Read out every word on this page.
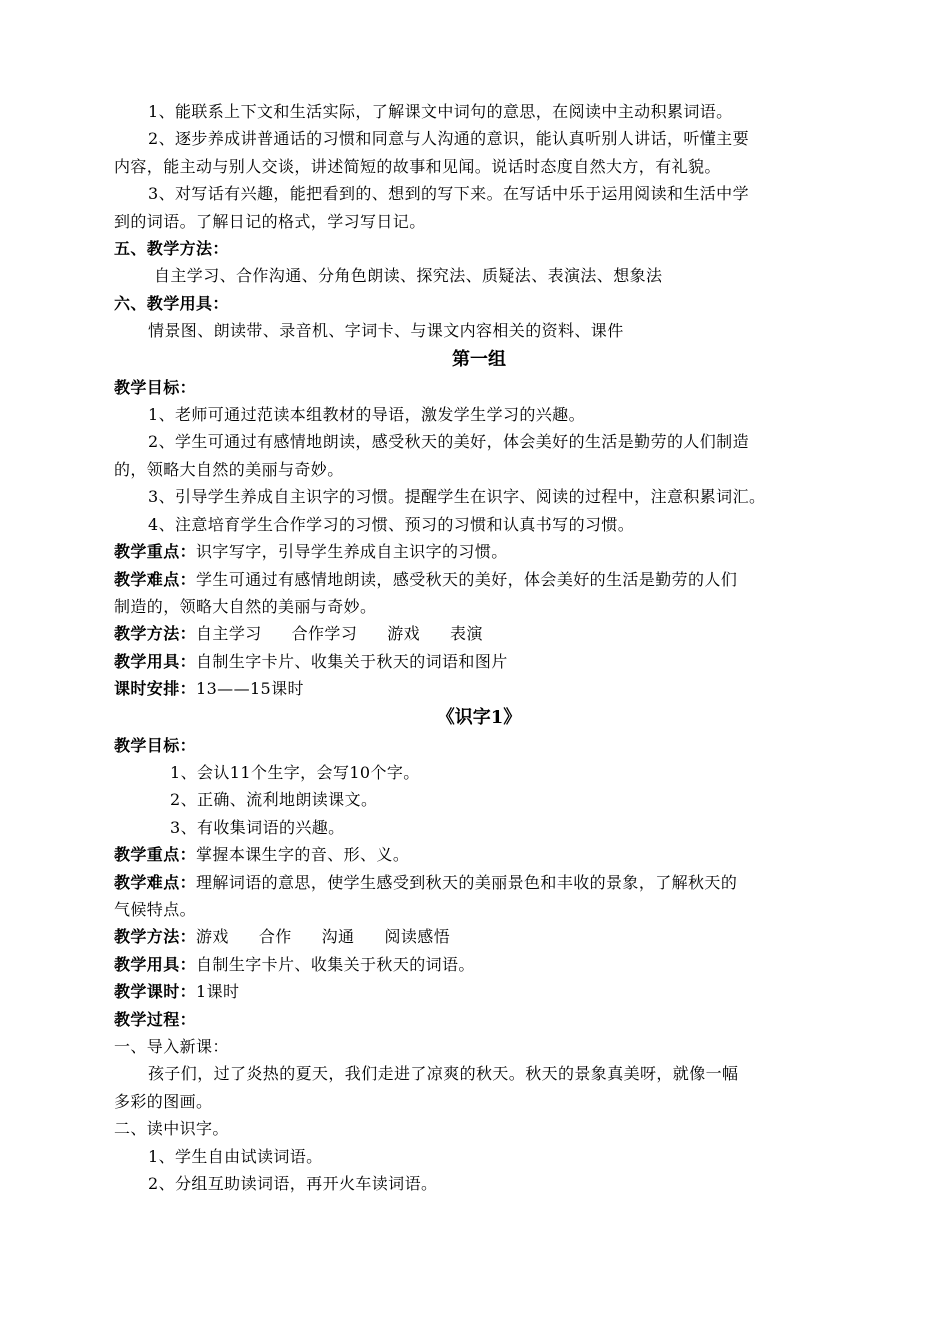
1、能联系上下文和生活实际，了解课文中词句的意思，在阅读中主动积累词语。
2、逐步养成讲普通话的习惯和同意与人沟通的意识，能认真听别人讲话，听懂主要
内容，能主动与别人交谈，讲述简短的故事和见闻。说话时态度自然大方，有礼貌。
3、对写话有兴趣，能把看到的、想到的写下来。在写话中乐于运用阅读和生活中学
到的词语。了解日记的格式，学习写日记。
五、教学方法：
自主学习、合作沟通、分角色朗读、探究法、质疑法、表演法、想象法
六、教学用具：
情景图、朗读带、录音机、字词卡、与课文内容相关的资料、课件
第一组
教学目标：
1、老师可通过范读本组教材的导语，激发学生学习的兴趣。
2、学生可通过有感情地朗读，感受秋天的美好，体会美好的生活是勤劳的人们制造
的，领略大自然的美丽与奇妙。
3、引导学生养成自主识字的习惯。提醒学生在识字、阅读的过程中，注意积累词汇。
4、注意培育学生合作学习的习惯、预习的习惯和认真书写的习惯。
教学重点：识字写字，引导学生养成自主识字的习惯。
教学难点：学生可通过有感情地朗读，感受秋天的美好，体会美好的生活是勤劳的人们
制造的，领略大自然的美丽与奇妙。
教学方法：自主学习 合作学习 游戏 表演
教学用具：自制生字卡片、收集关于秋天的词语和图片
课时安排：13——15课时
《识字1》
教学目标：
1、会认11个生字，会写10个字。
2、正确、流利地朗读课文。
3、有收集词语的兴趣。
教学重点：掌握本课生字的音、形、义。
教学难点：理解词语的意思，使学生感受到秋天的美丽景色和丰收的景象，了解秋天的
气候特点。
教学方法：游戏 合作 沟通 阅读感悟
教学用具：自制生字卡片、收集关于秋天的词语。
教学课时：1课时
教学过程：
一、导入新课：
孩子们，过了炎热的夏天，我们走进了凉爽的秋天。秋天的景象真美呀，就像一幅
多彩的图画。
二、读中识字。
1、学生自由试读词语。
2、分组互助读词语，再开火车读词语。
